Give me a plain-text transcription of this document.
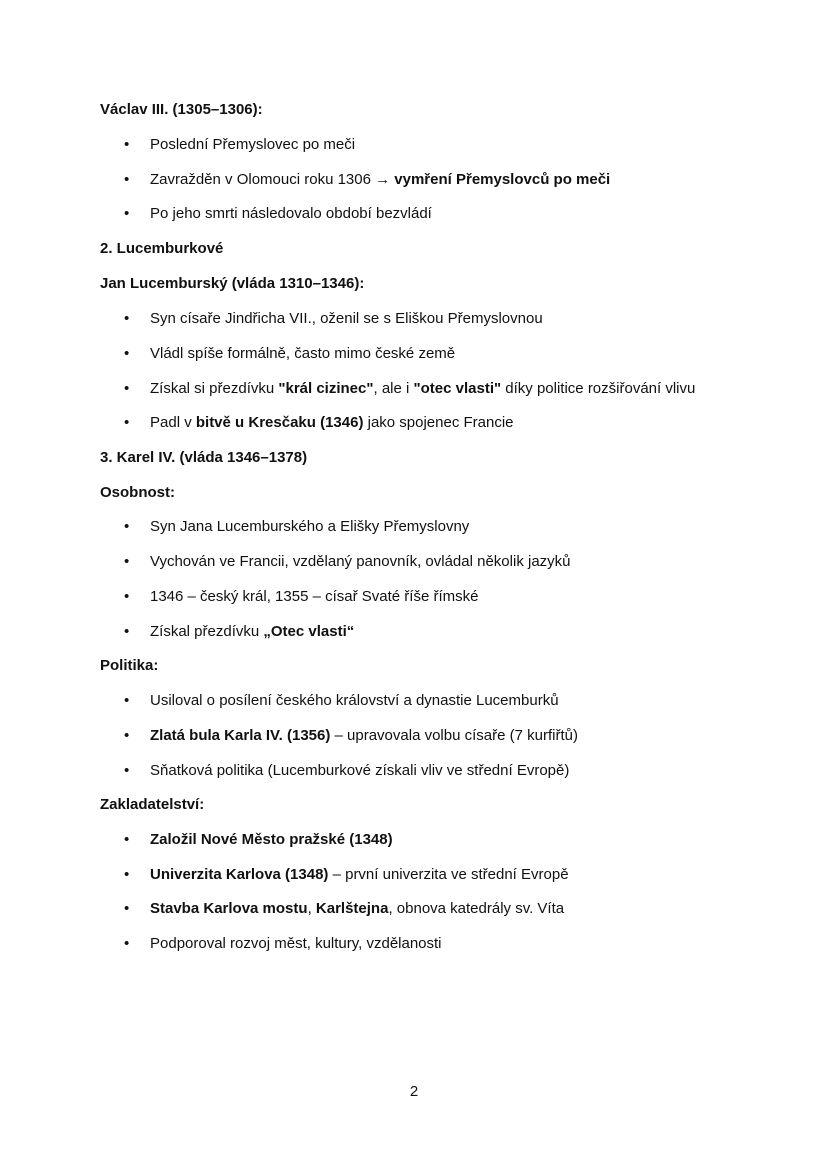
Václav III. (1305–1306):
• Poslední Přemyslovec po meči
• Zavražděn v Olomouci roku 1306 → vymření Přemyslovců po meči
• Po jeho smrti následovalo období bezvládí
2. Lucemburkové
Jan Lucemburský (vláda 1310–1346):
• Syn císaře Jindřicha VII., oženil se s Eliškou Přemyslovnou
• Vládl spíše formálně, často mimo české země
• Získal si přezdívku "král cizinec", ale i "otec vlasti" díky politice rozšiřování vlivu
• Padl v bitvě u Kresčaku (1346) jako spojenec Francie
3. Karel IV. (vláda 1346–1378)
Osobnost:
• Syn Jana Lucemburského a Elišky Přemyslovny
• Vychován ve Francii, vzdělaný panovník, ovládal několik jazyků
• 1346 – český král, 1355 – císař Svaté říše římské
• Získal přezdívku „Otec vlasti“
Politika:
• Usiloval o posílení českého království a dynastie Lucemburků
• Zlatá bula Karla IV. (1356) – upravovala volbu císaře (7 kurfiřtů)
• Sňatková politika (Lucemburkové získali vliv ve střední Evropě)
Zakladatelství:
• Založil Nové Město pražské (1348)
• Univerzita Karlova (1348) – první univerzita ve střední Evropě
• Stavba Karlova mostu, Karlštejna, obnova katedrály sv. Víta
• Podporoval rozvoj měst, kultury, vzdělanosti
2
